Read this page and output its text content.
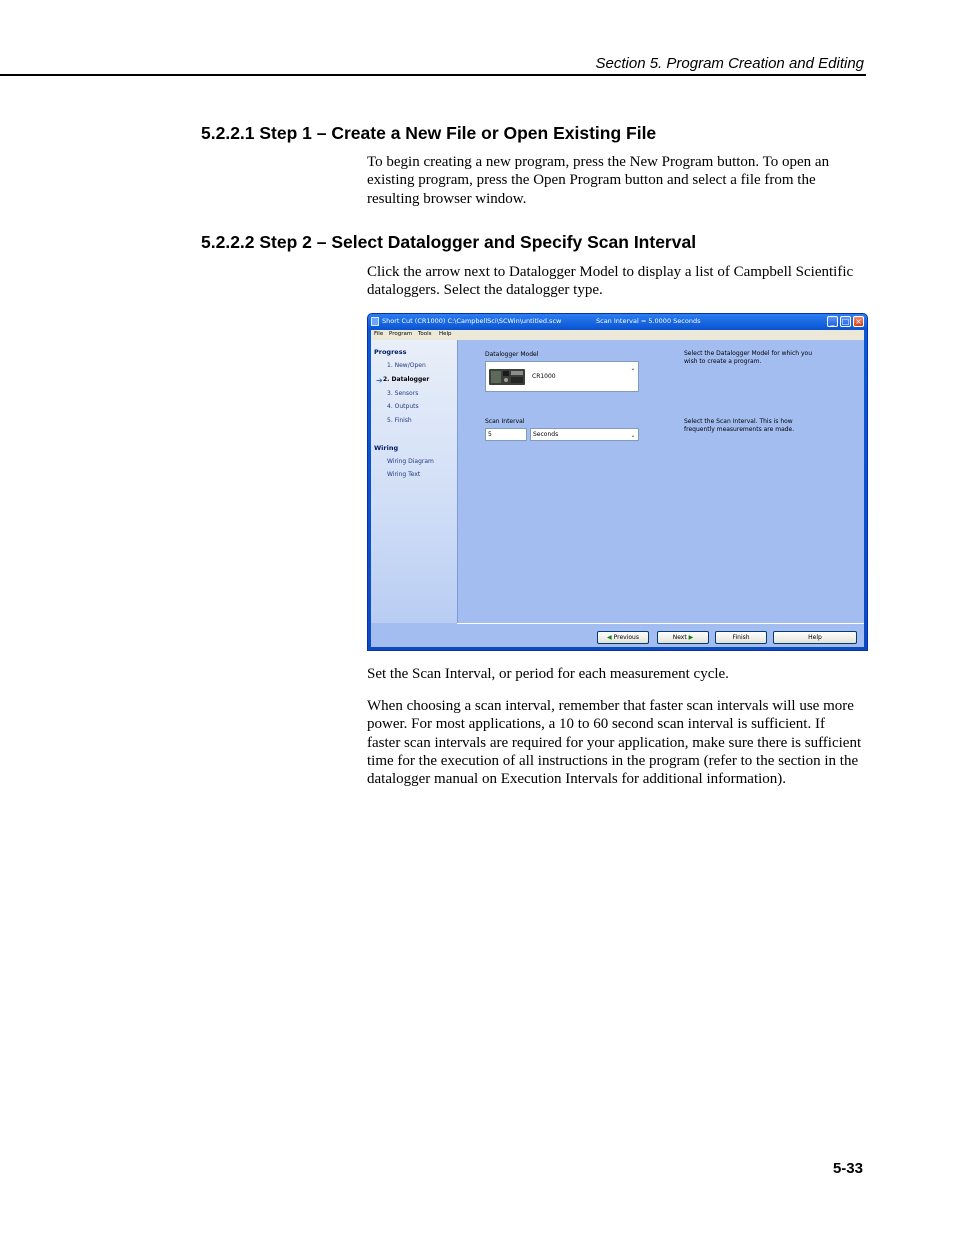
Section 5. Program Creation and Editing
5.2.2.1 Step 1 – Create a New File or Open Existing File

To begin creating a new program, press the New Program button. To open an existing program, press the Open Program button and select a file from the resulting browser window.

5.2.2.2 Step 2 – Select Datalogger and Specify Scan Interval

Click the arrow next to Datalogger Model to display a list of Campbell Scientific dataloggers. Select the datalogger type.

Short Cut (CR1000) C:\CampbellSci\SCWin\untitled.scw	Scan Interval = 5.0000 Seconds	_ □ ×
File Program Tools Help
Progress
1. New/Open
➔ 2. Datalogger
3. Sensors
4. Outputs
5. Finish
Wiring
Wiring Diagram
Wiring Text
Datalogger Model
CR1000
⌄
Select the Datalogger Model for which you wish to create a program.
Scan Interval
5	Seconds	⌄
Select the Scan Interval. This is how frequently measurements are made.
◀ Previous	Next ▶	Finish	Help

Set the Scan Interval, or period for each measurement cycle.

When choosing a scan interval, remember that faster scan intervals will use more power. For most applications, a 10 to 60 second scan interval is sufficient. If faster scan intervals are required for your application, make sure there is sufficient time for the execution of all instructions in the program (refer to the section in the datalogger manual on Execution Intervals for additional information).

5-33
